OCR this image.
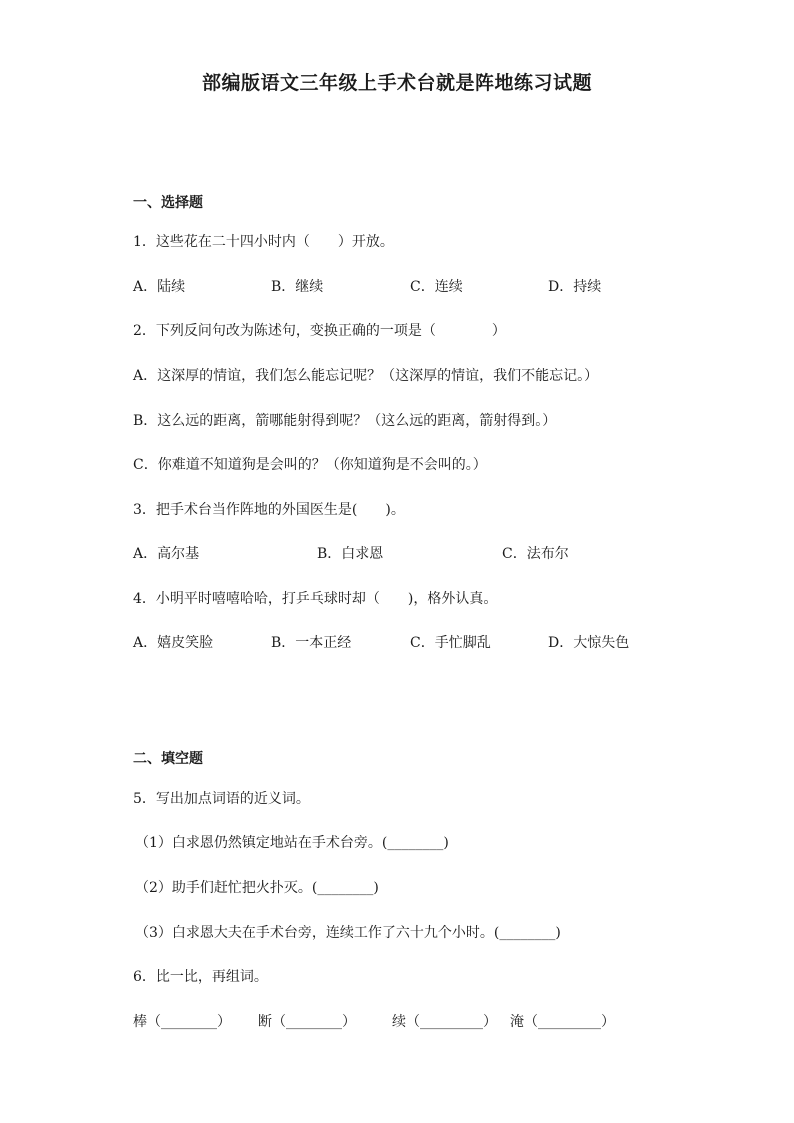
部编版语文三年级上手术台就是阵地练习试题
一、选择题
1．这些花在二十四小时内（　　）开放。
A．陆续	B．继续	C．连续	D．持续
2．下列反问句改为陈述句，变换正确的一项是（　　　　）
A．这深厚的情谊，我们怎么能忘记呢？（这深厚的情谊，我们不能忘记。）
B．这么远的距离，箭哪能射得到呢？（这么远的距离，箭射得到。）
C．你难道不知道狗是会叫的？（你知道狗是不会叫的。）
3．把手术台当作阵地的外国医生是(　　)。
A．高尔基	B．白求恩	C．法布尔
4．小明平时嘻嘻哈哈，打乒乓球时却（　　)，格外认真。
A．嬉皮笑脸	B．一本正经	C．手忙脚乱	D．大惊失色
二、填空题
5．写出加点词语的近义词。
（1）白求恩仍然镇定地站在手术台旁。(________)
（2）助手们赶忙把火扑灭。(________)
（3）白求恩大夫在手术台旁，连续工作了六十九个小时。(________)
6．比一比，再组词。
棒（________） 断（________）	续（_________） 淹（_________）
